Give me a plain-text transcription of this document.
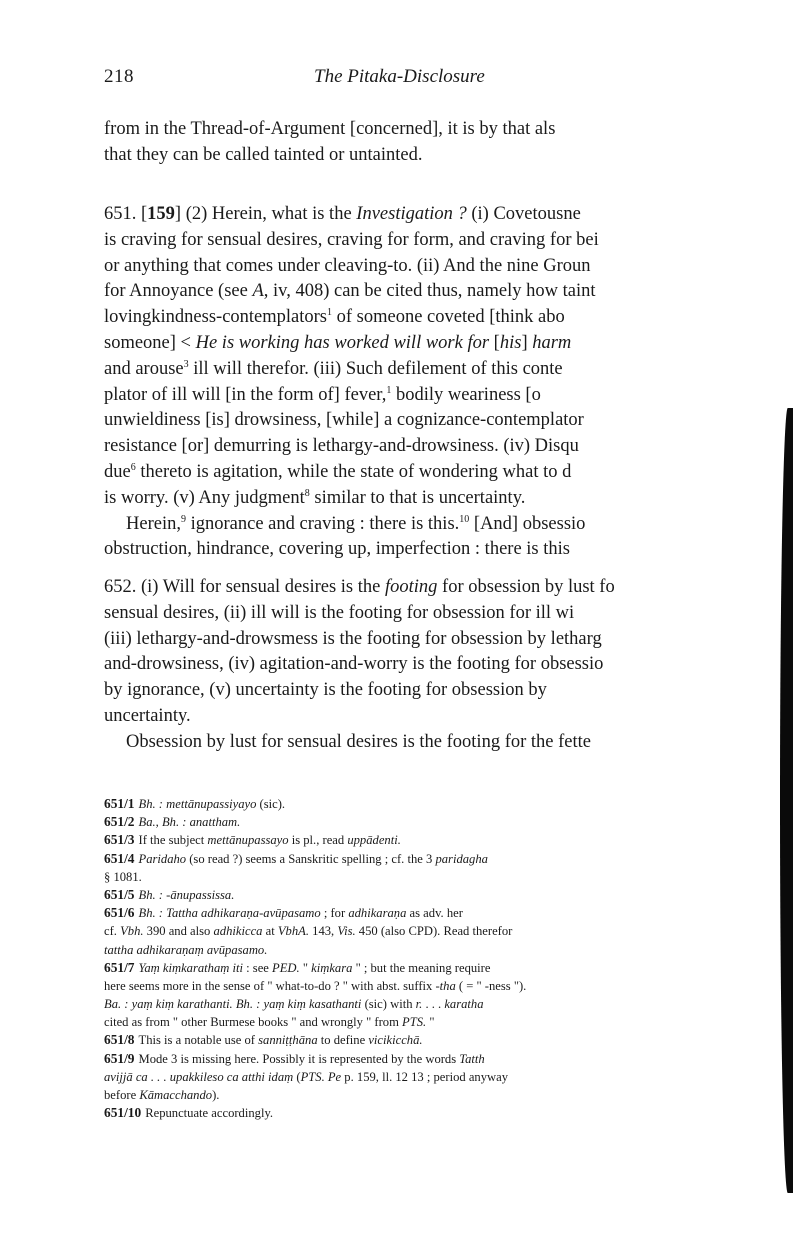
218	The Pitaka-Disclosure
from in the Thread-of-Argument [concerned], it is by that als
that they can be called tainted or untainted.
651. [159] (2) Herein, what is the Investigation ? (i) Covetousne
is craving for sensual desires, craving for form, and craving for bei
or anything that comes under cleaving-to. (ii) And the nine Groun
for Annoyance (see A, iv, 408) can be cited thus, namely how taint
lovingkindness-contemplators$^1$ of someone coveted [think abo
someone] < He is working has worked will work for [his] harm
and arouse$^3$ ill will therefor. (iii) Such defilement of this conte
plator of ill will [in the form of] fever,$^1$ bodily weariness [o
unwieldiness [is] drowsiness, [while] a cognizance-contemplator
resistance [or] demurring is lethargy-and-drowsiness. (iv) Disqu
due$^6$ thereto is agitation, while the state of wondering what to d
is worry. (v) Any judgment$^8$ similar to that is uncertainty.
Herein,$^9$ ignorance and craving : there is this.$^{10}$ [And] obsessio
obstruction, hindrance, covering up, imperfection : there is this
652. (i) Will for sensual desires is the footing for obsession by lust fo
sensual desires, (ii) ill will is the footing for obsession for ill wi
(iii) lethargy-and-drowsmess is the footing for obsession by letharg
and-drowsiness, (iv) agitation-and-worry is the footing for obsessio
by ignorance, (v) uncertainty is the footing for obsession by
uncertainty.
Obsession by lust for sensual desires is the footing for the fette
651/1 Bh. : mettānupassiyayo (sic).
651/2 Ba., Bh. : anattham.
651/3 If the subject mettānupassayo is pl., read uppādenti.
651/4 Paridaho (so read ?) seems a Sanskritic spelling ; cf. the 3 paridagha
§ 1081.
651/5 Bh. : -ānupassissa.
651/6 Bh. : Tattha adhikaraṇa-avūpasamo ; for adhikaraṇa as adv. her
cf. Vbh. 390 and also adhikicca at VbhA. 143, Vis. 450 (also CPD). Read therefor
tattha adhikaraṇaṃ avūpasamo.
651/7 Yaṃ kiṃkarathaṃ iti : see PED. " kiṃkara " ; but the meaning require
here seems more in the sense of " what-to-do ? " with abst. suffix -tha ( = " -ness ").
Ba. : yaṃ kiṃ karathanti. Bh. : yaṃ kiṃ kasathanti (sic) with r. . . . karatha
cited as from " other Burmese books " and wrongly " from PTS. "
651/8 This is a notable use of sanniṭṭhāna to define vicikicchā.
651/9 Mode 3 is missing here. Possibly it is represented by the words Tatth
avijjā ca . . . upakkileso ca atthi idaṃ (PTS. Pe p. 159, ll. 12 13 ; period anyway
before Kāmacchando).
651/10 Repunctuate accordingly.
